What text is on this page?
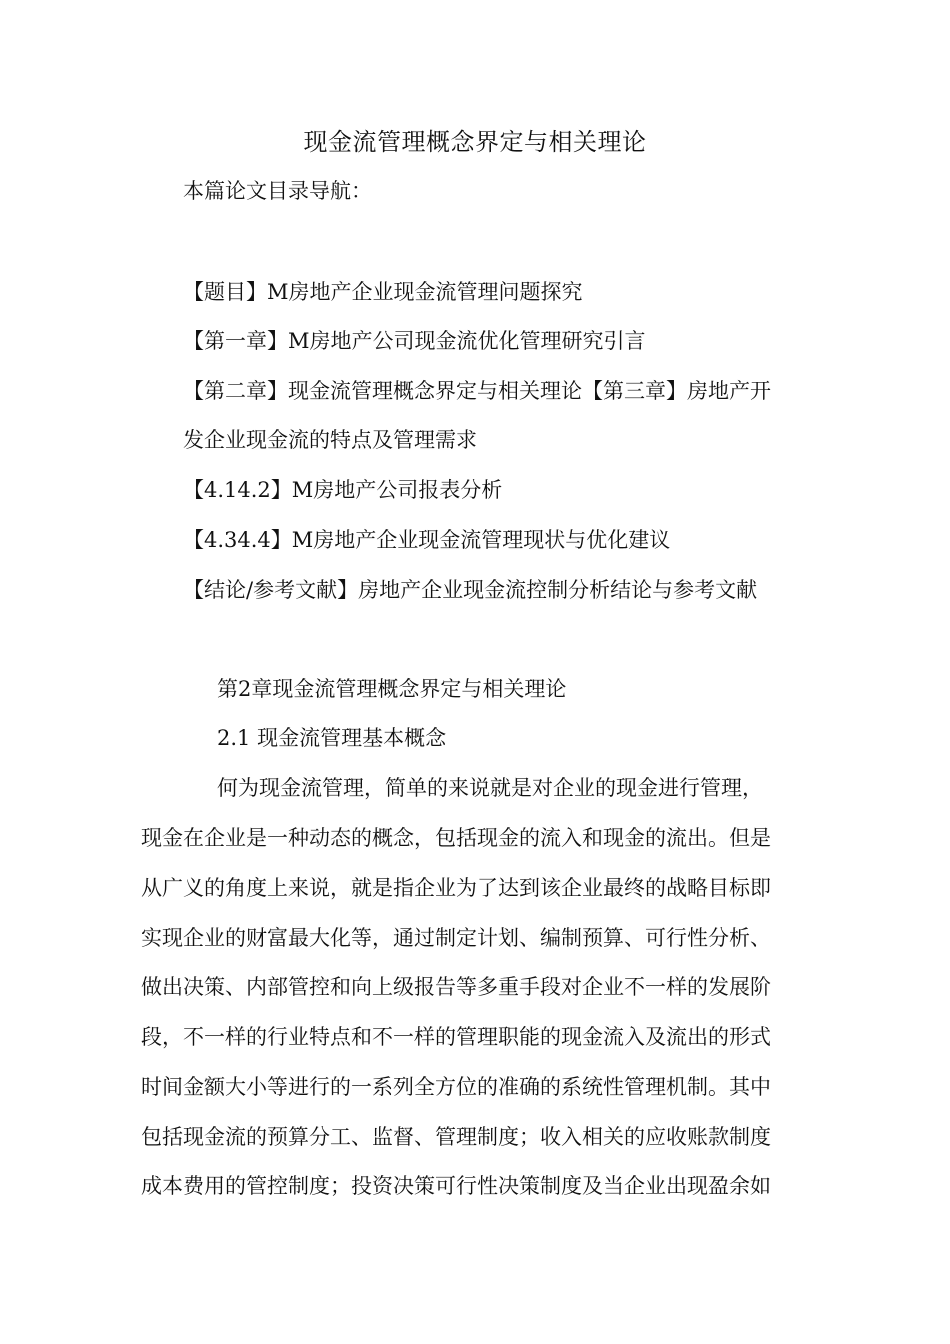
现金流管理概念界定与相关理论

本篇论文目录导航：

【题目】M房地产企业现金流管理问题探究

【第一章】M房地产公司现金流优化管理研究引言

【第二章】现金流管理概念界定与相关理论【第三章】房地产开

发企业现金流的特点及管理需求

【4.14.2】M房地产公司报表分析

【4.34.4】M房地产企业现金流管理现状与优化建议

【结论/参考文献】房地产企业现金流控制分析结论与参考文献

第2章现金流管理概念界定与相关理论

2.1 现金流管理基本概念

何为现金流管理，简单的来说就是对企业的现金进行管理，

现金在企业是一种动态的概念，包括现金的流入和现金的流出。但是

从广义的角度上来说，就是指企业为了达到该企业最终的战略目标即

实现企业的财富最大化等，通过制定计划、编制预算、可行性分析、

做出决策、内部管控和向上级报告等多重手段对企业不一样的发展阶

段，不一样的行业特点和不一样的管理职能的现金流入及流出的形式

时间金额大小等进行的一系列全方位的准确的系统性管理机制。其中

包括现金流的预算分工、监督、管理制度；收入相关的应收账款制度

成本费用的管控制度；投资决策可行性决策制度及当企业出现盈余如
